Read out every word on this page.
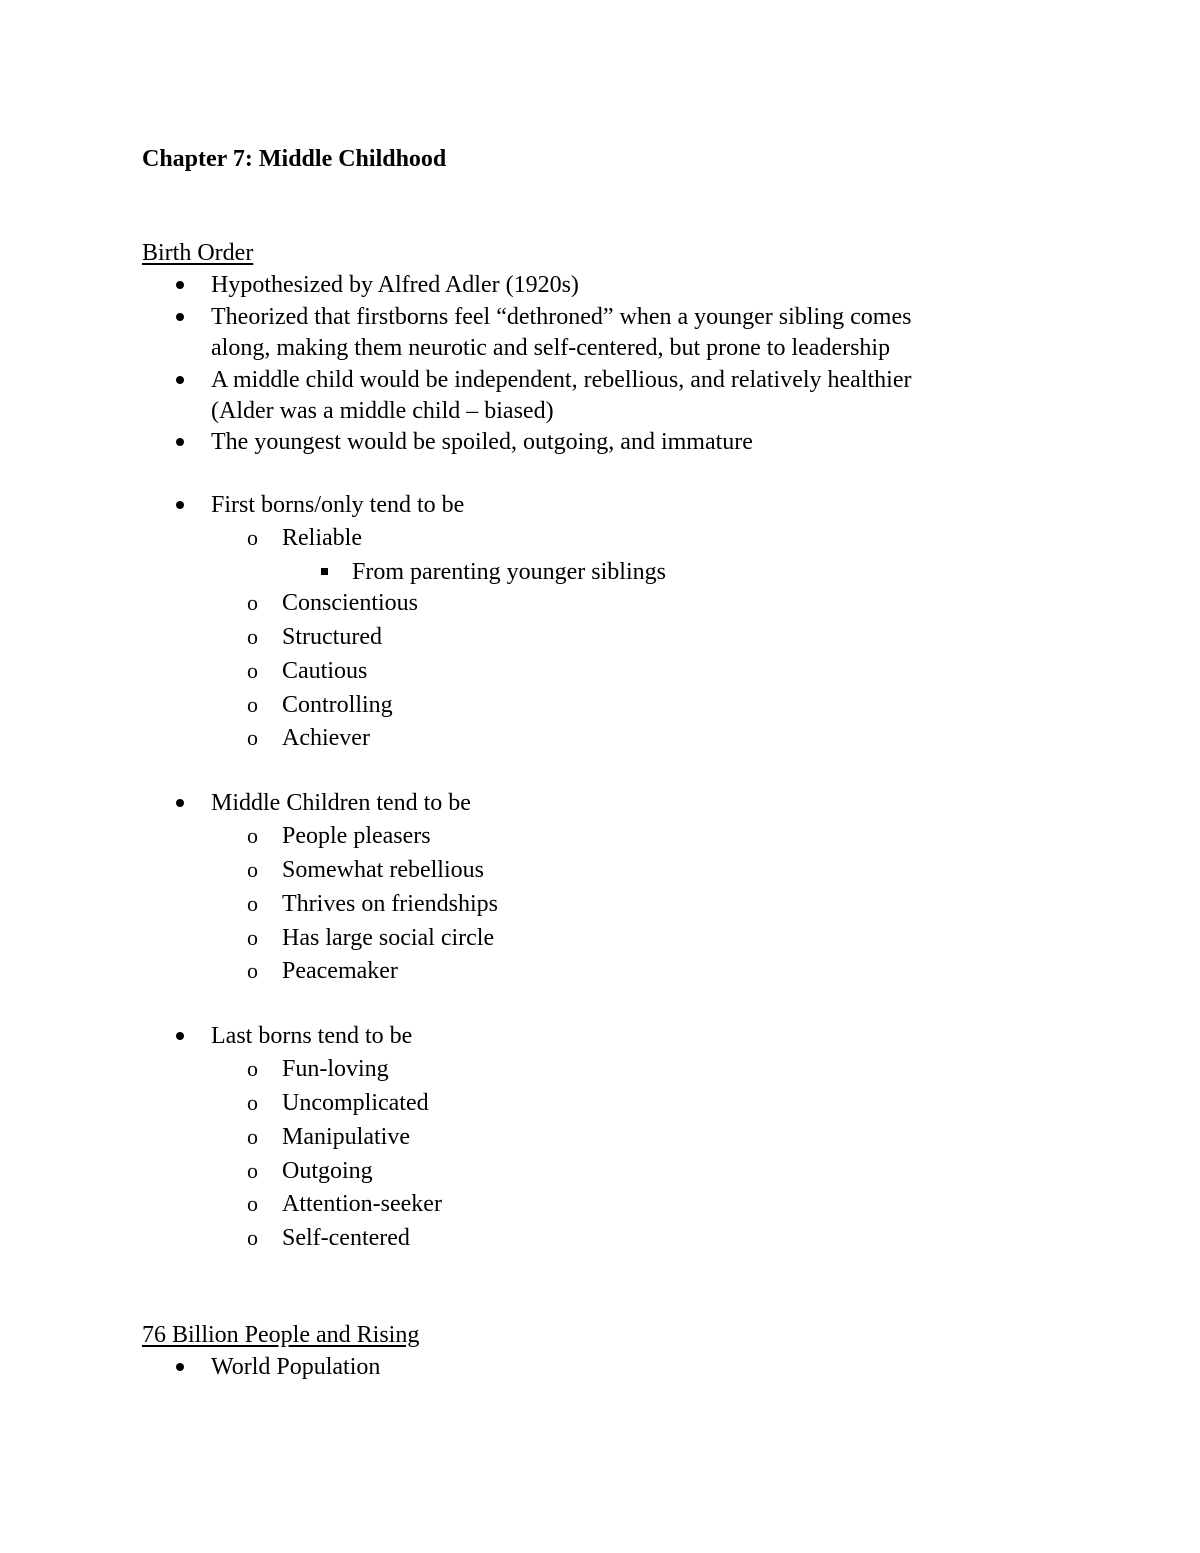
Chapter 7: Middle Childhood
Birth Order
Hypothesized by Alfred Adler (1920s)
Theorized that firstborns feel “dethroned” when a younger sibling comes
along, making them neurotic and self-centered, but prone to leadership
A middle child would be independent, rebellious, and relatively healthier
(Alder was a middle child – biased)
The youngest would be spoiled, outgoing, and immature
First borns/only tend to be
o Reliable
From parenting younger siblings
o Conscientious
o Structured
o Cautious
o Controlling
o Achiever
Middle Children tend to be
o People pleasers
o Somewhat rebellious
o Thrives on friendships
o Has large social circle
o Peacemaker
Last borns tend to be
o Fun-loving
o Uncomplicated
o Manipulative
o Outgoing
o Attention-seeker
o Self-centered
76 Billion People and Rising
World Population
